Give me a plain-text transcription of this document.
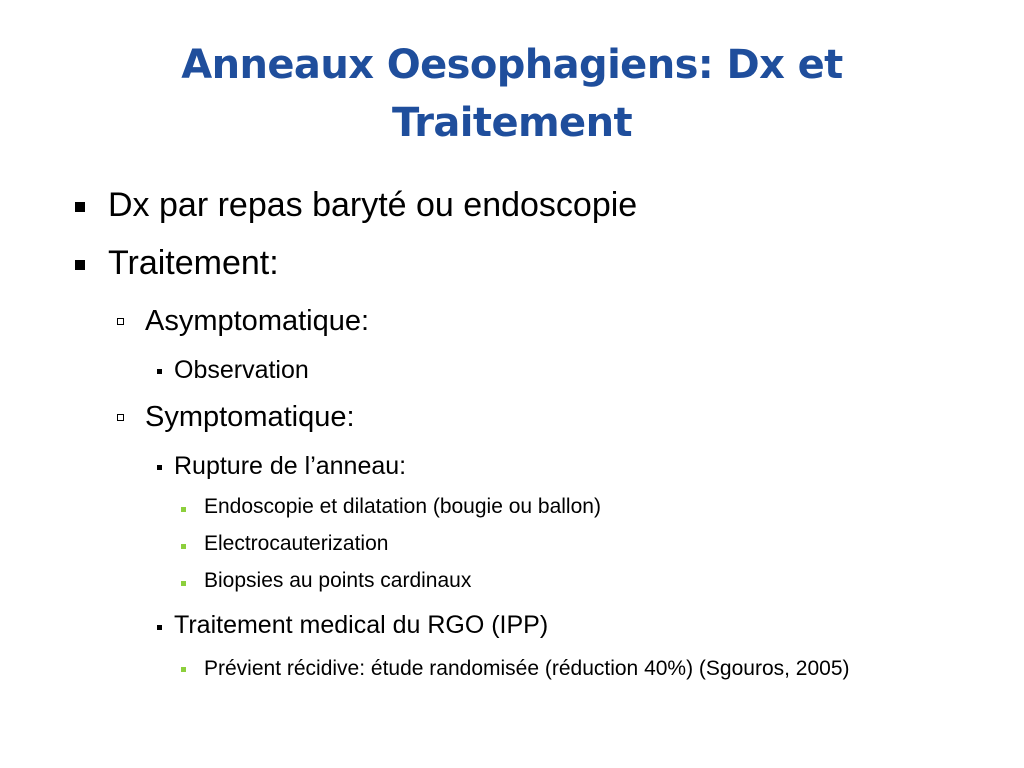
Anneaux Oesophagiens: Dx et
Traitement
Dx par repas baryté ou endoscopie
Traitement:
Asymptomatique:
Observation
Symptomatique:
Rupture de l’anneau:
Endoscopie et dilatation (bougie ou ballon)
Electrocauterization
Biopsies au points cardinaux
Traitement medical du RGO (IPP)
Prévient récidive: étude randomisée (réduction 40%) (Sgouros, 2005)
